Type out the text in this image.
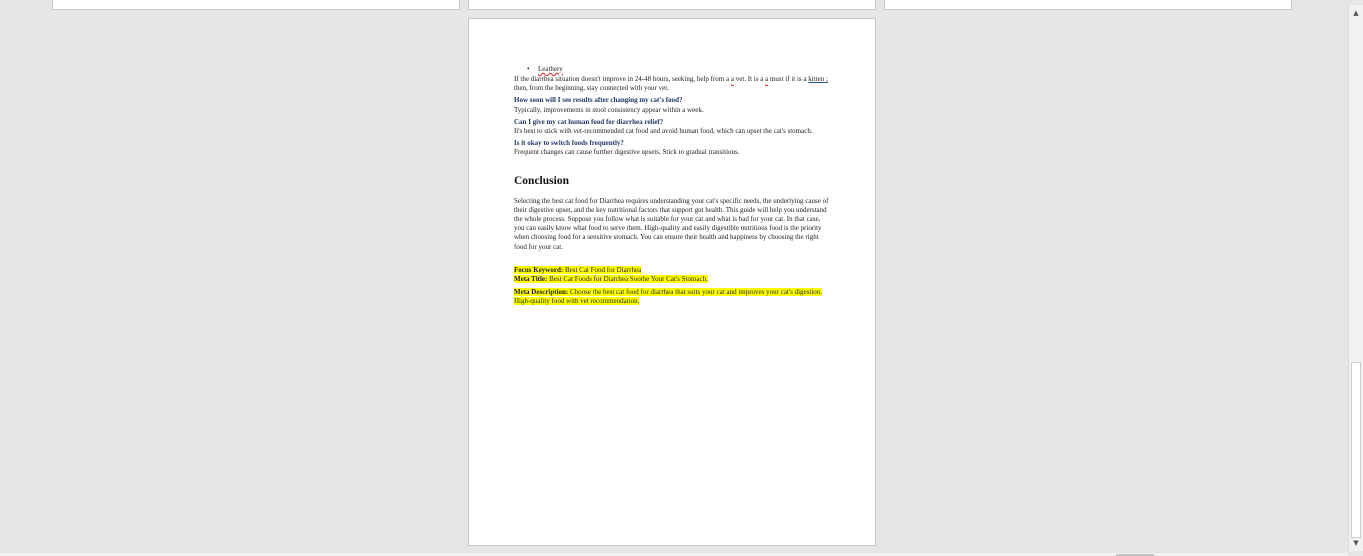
• Leathery

If the diarrhea situation doesn't improve in 24-48 hours, seeking, help from a a vet. It is a a must if it is a kitten ; then, from the beginning, stay connected with your vet.

How soon will I see results after changing my cat's food?

Typically, improvements in stool consistency appear within a week.

Can I give my cat human food for diarrhea relief?

It's best to stick with vet-recommended cat food and avoid human food, which can upset the cat's stomach.

Is it okay to switch foods frequently?

Frequent changes can cause further digestive upsets. Stick to gradual transitions.

Conclusion

Selecting the best cat food for Diarrhea requires understanding your cat's specific needs, the underlying cause of their digestive upset, and the key nutritional factors that support gut health. This guide will help you understand the whole process. Suppose you follow what is suitable for your cat and what is bad for your cat. In that case, you can easily know what food to serve them. High-quality and easily digestible nutritious food is the priority when choosing food for a sensitive stomach. You can ensure their health and happiness by choosing the right food for your cat.

Focus Keyword: Best Cat Food for Diarrhea

Meta Title: Best Cat Foods for Diarrhea Soothe Your Cat's Stomach.

Meta Description: Choose the best cat food for diarrhea that suits your cat and improves your cat's digestion. High-quality food with vet recommendation.

▲
▼
